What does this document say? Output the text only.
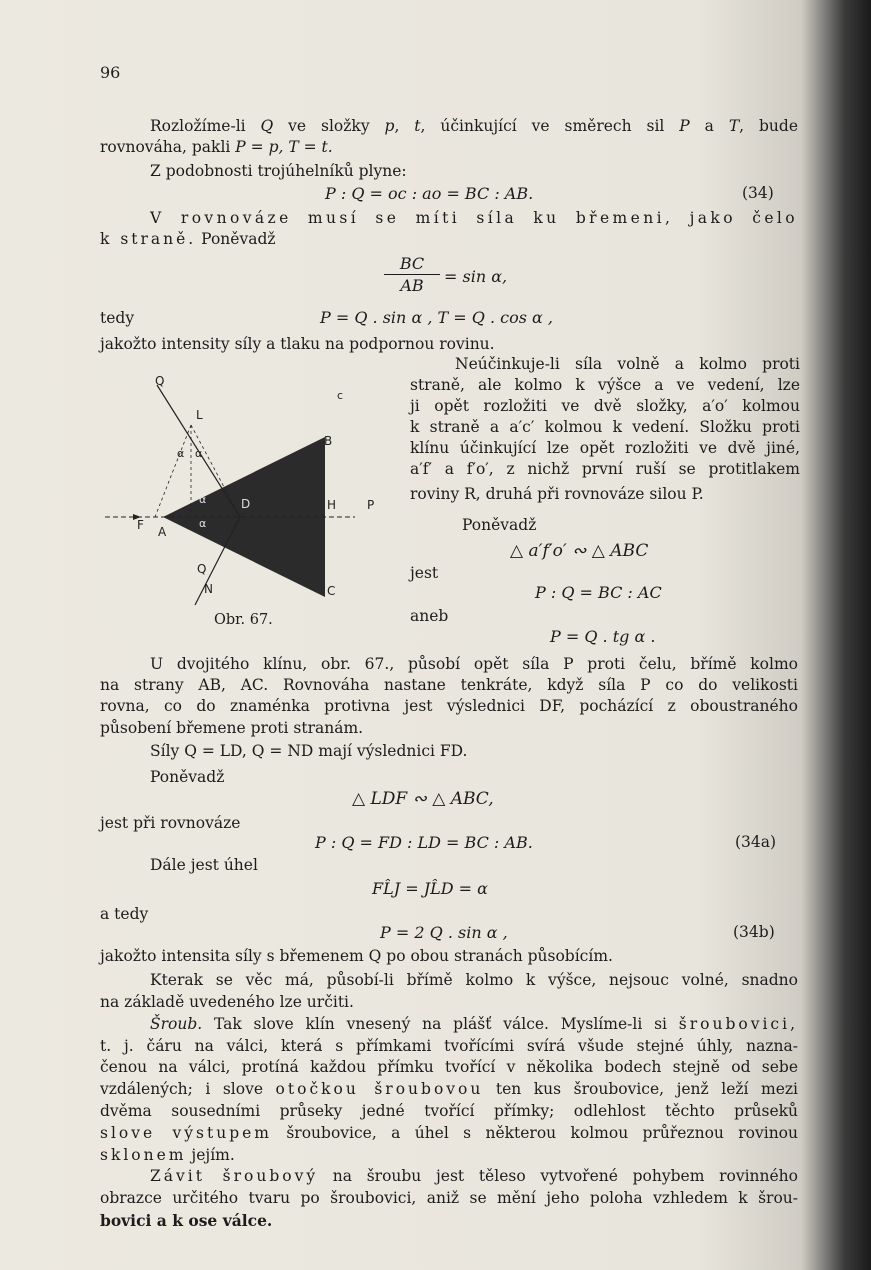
96
Rozložíme-li Q ve složky p, t, účinkující ve směrech sil P a T, bude
rovnováha, pakli P = p, T = t.
Z podobnosti trojúhelníků plyne:
P : Q = oc : ao = BC : AB.	(34)
V rovnováze musí se míti síla ku břemeni, jako čelo
k straně. Poněvadž
BC
AB	= sin α,
tedy	P = Q . sin α , T = Q . cos α ,
jakožto intensity síly a tlaku na podpornou rovinu.
Neúčinkuje-li síla volně a kolmo proti
straně, ale kolmo k výšce a ve vedení, lze
ji opět rozložiti ve dvě složky, a′o′ kolmou
k straně a a′c′ kolmou k vedení. Složku proti
klínu účinkující lze opět rozložiti ve dvě jiné,
a′f′ a f′o′, z nichž první ruší se protitlakem
roviny R, druhá při rovnováze silou P.
Poněvadž
△ a′f′o′ ∾ △ ABC
jest
P : Q = BC : AC
aneb
P = Q . tg α .
Q
L
α α
c
B
D	H	P
F A
α
α
Q
N	C
Obr. 67.
U dvojitého klínu, obr. 67., působí opět síla P proti čelu, břímě kolmo
na strany AB, AC. Rovnováha nastane tenkráte, když síla P co do velikosti
rovna, co do znaménka protivna jest výslednici DF, pocházící z oboustraného
působení břemene proti stranám.
Síly Q = LD, Q = ND mají výslednici FD.
Poněvadž
△ LDF ∾ △ ABC,
jest při rovnováze
P : Q = FD : LD = BC : AB.	(34a)
Dále jest úhel
FL̂J = JL̂D = α
a tedy
P = 2 Q . sin α ,	(34b)
jakožto intensita síly s břemenem Q po obou stranách působícím.
Kterak se věc má, působí-li břímě kolmo k výšce, nejsouc volné, snadno
na základě uvedeného lze určiti.
Šroub. Tak slove klín vnesený na plášť válce. Myslíme-li si šroubovici,
t. j. čáru na válci, která s přímkami tvořícími svírá všude stejné úhly, nazna-
čenou na válci, protíná každou přímku tvořící v několika bodech stejně od sebe
vzdálených; i slove otočkou šroubovou ten kus šroubovice, jenž leží mezi
dvěma sousedními průseky jedné tvořící přímky; odlehlost těchto průseků
slove výstupem šroubovice, a úhel s některou kolmou průřeznou rovinou
sklonem jejím.
Závit šroubový na šroubu jest těleso vytvořené pohybem rovinného
obrazce určitého tvaru po šroubovici, aniž se mění jeho poloha vzhledem k šrou-
bovici a k ose válce.
